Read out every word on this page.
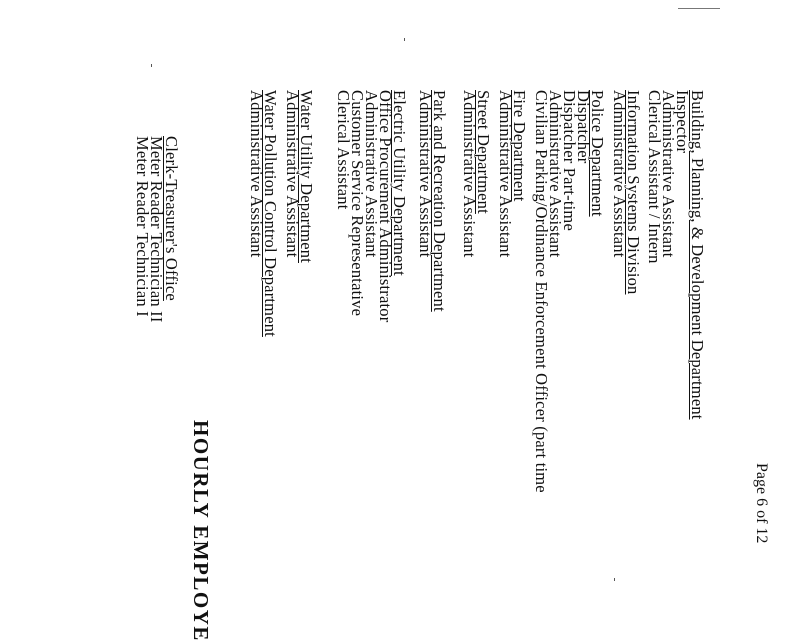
Building, Planning, & Development Department
Inspector
Administrative Assistant
Clerical Assistant / Intern
Information Systems Division
Administrative Assistant
Police Department
Dispatcher
Dispatcher Part-time
Administrative Assistant
Civilian Parking/Ordinance Enforcement Officer (part time
Fire Department
Administrative Assistant
Street Department
Administrative Assistant
Park and Recreation Department
Administrative Assistant
Electric Utility Department
Office Procurement Administrator
Administrative Assistant
Customer Service Representative
Clerical Assistant
Water Utility Department
Administrative Assistant
Water Pollution Control Department
Administrative Assistant
HOURLY EMPLOYE
Clerk-Treasurer's Office
Meter Reader Technician II
Meter Reader Technician I
Page 6 of 12
